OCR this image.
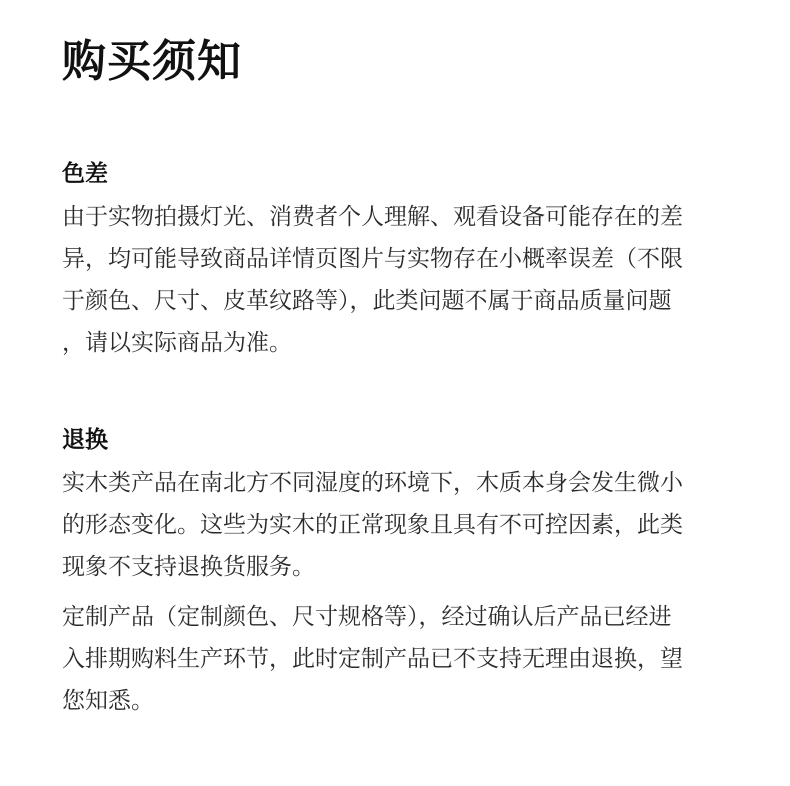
购买须知
色差
由于实物拍摄灯光、消费者个人理解、观看设备可能存在的差
异，均可能导致商品详情页图片与实物存在小概率误差（不限
于颜色、尺寸、皮革纹路等），此类问题不属于商品质量问题
，请以实际商品为准。
退换
实木类产品在南北方不同湿度的环境下，木质本身会发生微小
的形态变化。这些为实木的正常现象且具有不可控因素，此类
现象不支持退换货服务。
定制产品（定制颜色、尺寸规格等），经过确认后产品已经进
入排期购料生产环节，此时定制产品已不支持无理由退换，望
您知悉。
